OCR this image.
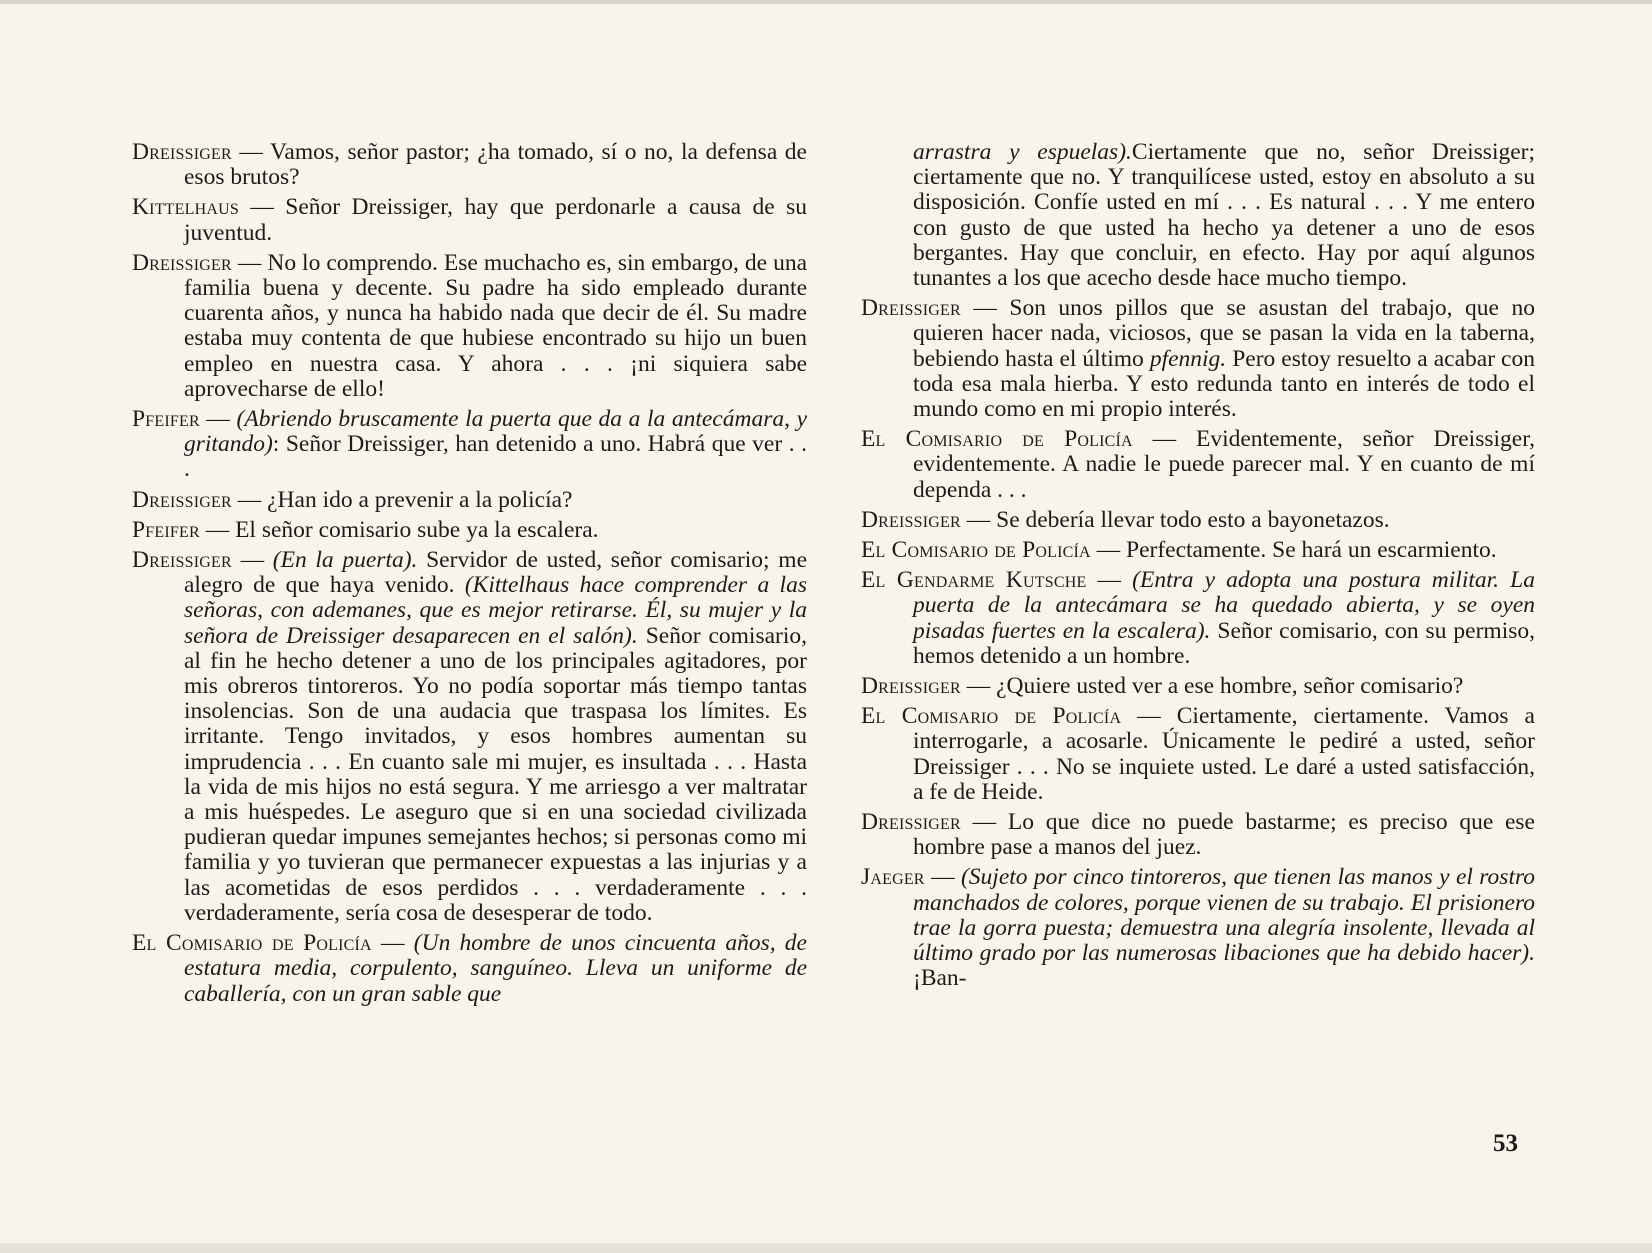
Dreissiger — Vamos, señor pastor; ¿ha tomado, sí o no, la defensa de esos brutos?

Kittelhaus — Señor Dreissiger, hay que perdonarle a causa de su juventud.

Dreissiger — No lo comprendo. Ese muchacho es, sin embargo, de una familia buena y decente. Su padre ha sido empleado durante cuarenta años, y nunca ha habido nada que decir de él. Su madre estaba muy contenta de que hubiese encontrado su hijo un buen empleo en nuestra casa. Y ahora . . . ¡ni siquiera sabe aprovecharse de ello!

Pfeifer — (Abriendo bruscamente la puerta que da a la antecámara, y gritando): Señor Dreissiger, han detenido a uno. Habrá que ver . . .

Dreissiger — ¿Han ido a prevenir a la policía?

Pfeifer — El señor comisario sube ya la escalera.

Dreissiger — (En la puerta). Servidor de usted, señor comisario; me alegro de que haya venido. (Kittelhaus hace comprender a las señoras, con ademanes, que es mejor retirarse. Él, su mujer y la señora de Dreissiger desaparecen en el salón). Señor comisario, al fin he hecho detener a uno de los principales agitadores, por mis obreros tintoreros. Yo no podía soportar más tiempo tantas insolencias. Son de una audacia que traspasa los límites. Es irritante. Tengo invitados, y esos hombres aumentan su imprudencia . . . En cuanto sale mi mujer, es insultada . . . Hasta la vida de mis hijos no está segura. Y me arriesgo a ver maltratar a mis huéspedes. Le aseguro que si en una sociedad civilizada pudieran quedar impunes semejantes hechos; si personas como mi familia y yo tuvieran que permanecer expuestas a las injurias y a las acometidas de esos perdidos . . . verdaderamente . . . verdaderamente, sería cosa de desesperar de todo.

El Comisario de Policía — (Un hombre de unos cincuenta años, de estatura media, corpulento, sanguíneo. Lleva un uniforme de caballería, con un gran sable que

arrastra y espuelas).Ciertamente que no, señor Dreissiger; ciertamente que no. Y tranquilícese usted, estoy en absoluto a su disposición. Confíe usted en mí . . . Es natural . . . Y me entero con gusto de que usted ha hecho ya detener a uno de esos bergantes. Hay que concluir, en efecto. Hay por aquí algunos tunantes a los que acecho desde hace mucho tiempo.

Dreissiger — Son unos pillos que se asustan del trabajo, que no quieren hacer nada, viciosos, que se pasan la vida en la taberna, bebiendo hasta el último pfennig. Pero estoy resuelto a acabar con toda esa mala hierba. Y esto redunda tanto en interés de todo el mundo como en mi propio interés.

El Comisario de Policía — Evidentemente, señor Dreissiger, evidentemente. A nadie le puede parecer mal. Y en cuanto de mí dependa . . .

Dreissiger — Se debería llevar todo esto a bayonetazos.

El Comisario de Policía — Perfectamente. Se hará un escarmiento.

El Gendarme Kutsche — (Entra y adopta una postura militar. La puerta de la antecámara se ha quedado abierta, y se oyen pisadas fuertes en la escalera). Señor comisario, con su permiso, hemos detenido a un hombre.

Dreissiger — ¿Quiere usted ver a ese hombre, señor comisario?

El Comisario de Policía — Ciertamente, ciertamente. Vamos a interrogarle, a acosarle. Únicamente le pediré a usted, señor Dreissiger . . . No se inquiete usted. Le daré a usted satisfacción, a fe de Heide.

Dreissiger — Lo que dice no puede bastarme; es preciso que ese hombre pase a manos del juez.

Jaeger — (Sujeto por cinco tintoreros, que tienen las manos y el rostro manchados de colores, porque vienen de su trabajo. El prisionero trae la gorra puesta; demuestra una alegría insolente, llevada al último grado por las numerosas libaciones que ha debido hacer). ¡Ban-

53
